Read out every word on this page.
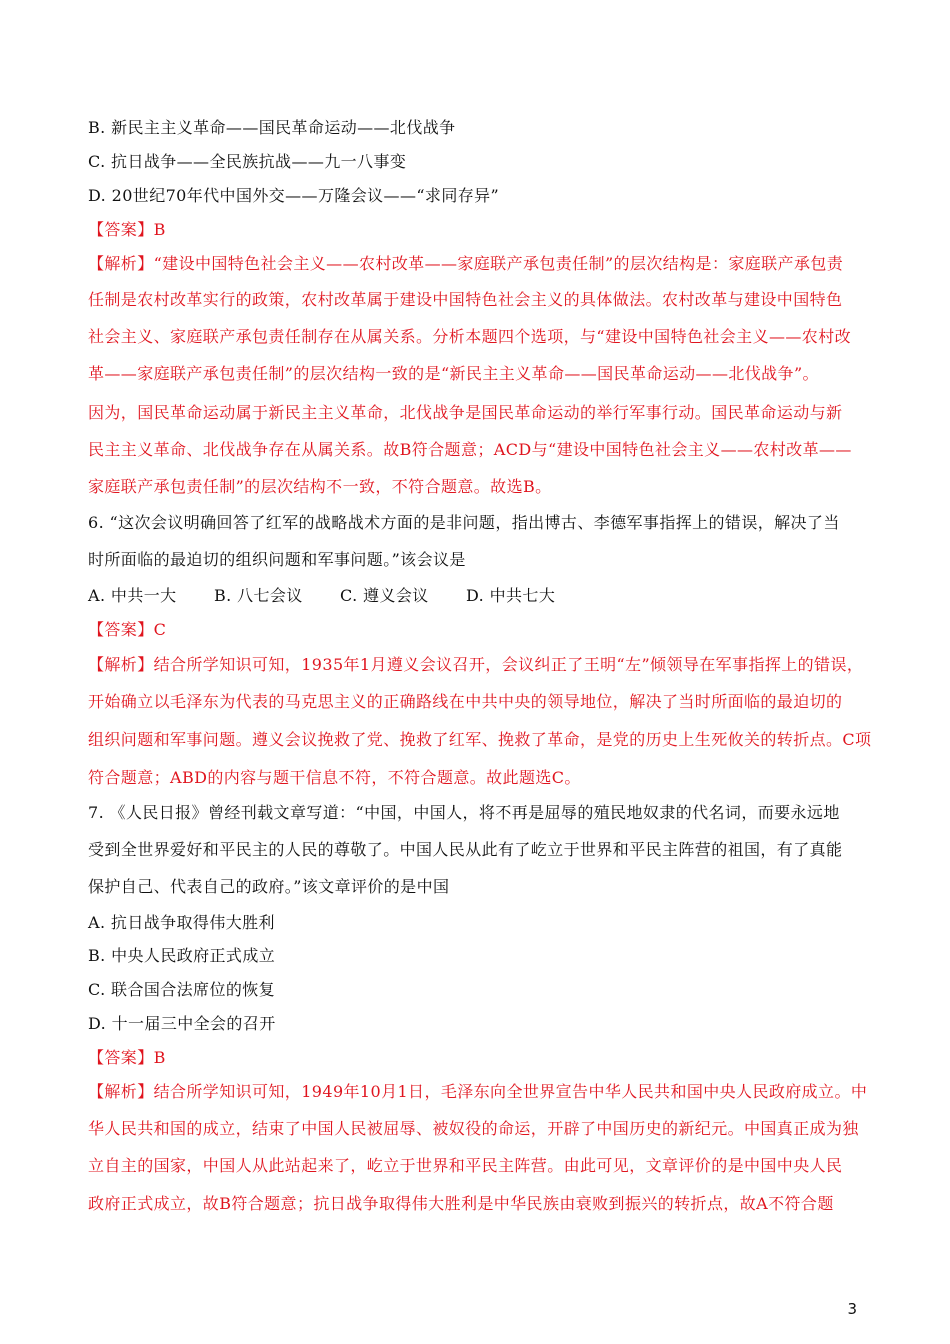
B. 新民主主义革命——国民革命运动——北伐战争
C. 抗日战争——全民族抗战——九一八事变
D. 20世纪70年代中国外交——万隆会议——“求同存异”
【答案】B
【解析】“建设中国特色社会主义——农村改革——家庭联产承包责任制”的层次结构是：家庭联产承包责
任制是农村改革实行的政策，农村改革属于建设中国特色社会主义的具体做法。农村改革与建设中国特色
社会主义、家庭联产承包责任制存在从属关系。分析本题四个选项，与“建设中国特色社会主义——农村改
革——家庭联产承包责任制”的层次结构一致的是“新民主主义革命——国民革命运动——北伐战争”。
因为，国民革命运动属于新民主主义革命，北伐战争是国民革命运动的举行军事行动。国民革命运动与新
民主主义革命、北伐战争存在从属关系。故B符合题意；ACD与“建设中国特色社会主义——农村改革——
家庭联产承包责任制”的层次结构不一致，不符合题意。故选B。
6. “这次会议明确回答了红军的战略战术方面的是非问题，指出博古、李德军事指挥上的错误，解决了当
时所面临的最迫切的组织问题和军事问题。”该会议是
A. 中共一大 B. 八七会议 C. 遵义会议 D. 中共七大
【答案】C
【解析】结合所学知识可知，1935年1月遵义会议召开，会议纠正了王明“左”倾领导在军事指挥上的错误，
开始确立以毛泽东为代表的马克思主义的正确路线在中共中央的领导地位，解决了当时所面临的最迫切的
组织问题和军事问题。遵义会议挽救了党、挽救了红军、挽救了革命，是党的历史上生死攸关的转折点。C项
符合题意；ABD的内容与题干信息不符，不符合题意。故此题选C。
7. 《人民日报》曾经刊载文章写道：“中国，中国人，将不再是屈辱的殖民地奴隶的代名词，而要永远地
受到全世界爱好和平民主的人民的尊敬了。中国人民从此有了屹立于世界和平民主阵营的祖国，有了真能
保护自己、代表自己的政府。”该文章评价的是中国
A. 抗日战争取得伟大胜利
B. 中央人民政府正式成立
C. 联合国合法席位的恢复
D. 十一届三中全会的召开
【答案】B
【解析】结合所学知识可知，1949年10月1日，毛泽东向全世界宣告中华人民共和国中央人民政府成立。中
华人民共和国的成立，结束了中国人民被屈辱、被奴役的命运，开辟了中国历史的新纪元。中国真正成为独
立自主的国家，中国人从此站起来了，屹立于世界和平民主阵营。由此可见，文章评价的是中国中央人民
政府正式成立，故B符合题意；抗日战争取得伟大胜利是中华民族由衰败到振兴的转折点，故A不符合题
3
